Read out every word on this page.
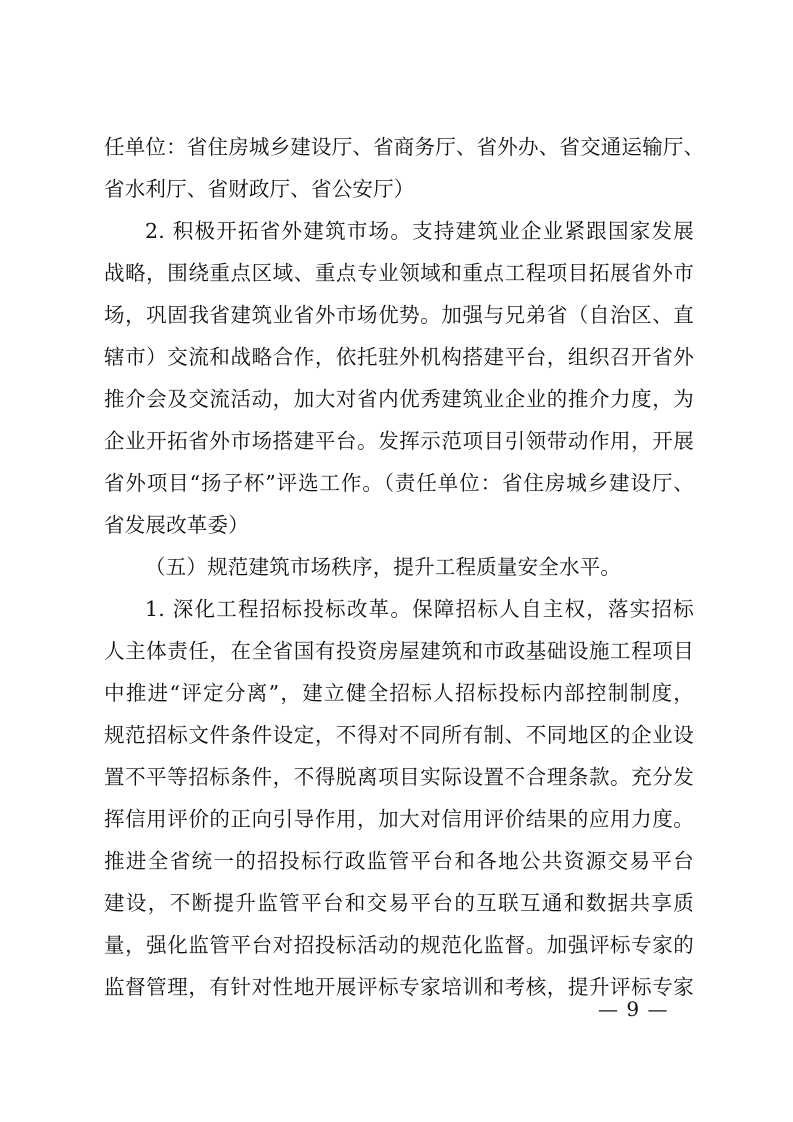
任单位：省住房城乡建设厅、省商务厅、省外办、省交通运输厅、
省水利厅、省财政厅、省公安厅）
2. 积极开拓省外建筑市场。支持建筑业企业紧跟国家发展
战略，围绕重点区域、重点专业领域和重点工程项目拓展省外市
场，巩固我省建筑业省外市场优势。加强与兄弟省（自治区、直
辖市）交流和战略合作，依托驻外机构搭建平台，组织召开省外
推介会及交流活动，加大对省内优秀建筑业企业的推介力度，为
企业开拓省外市场搭建平台。发挥示范项目引领带动作用，开展
省外项目“扬子杯”评选工作。（责任单位：省住房城乡建设厅、
省发展改革委）
（五）规范建筑市场秩序，提升工程质量安全水平。
1. 深化工程招标投标改革。保障招标人自主权，落实招标
人主体责任，在全省国有投资房屋建筑和市政基础设施工程项目
中推进“评定分离”，建立健全招标人招标投标内部控制制度，
规范招标文件条件设定，不得对不同所有制、不同地区的企业设
置不平等招标条件，不得脱离项目实际设置不合理条款。充分发
挥信用评价的正向引导作用，加大对信用评价结果的应用力度。
推进全省统一的招投标行政监管平台和各地公共资源交易平台
建设，不断提升监管平台和交易平台的互联互通和数据共享质
量，强化监管平台对招投标活动的规范化监督。加强评标专家的
监督管理，有针对性地开展评标专家培训和考核，提升评标专家
— 9 —
